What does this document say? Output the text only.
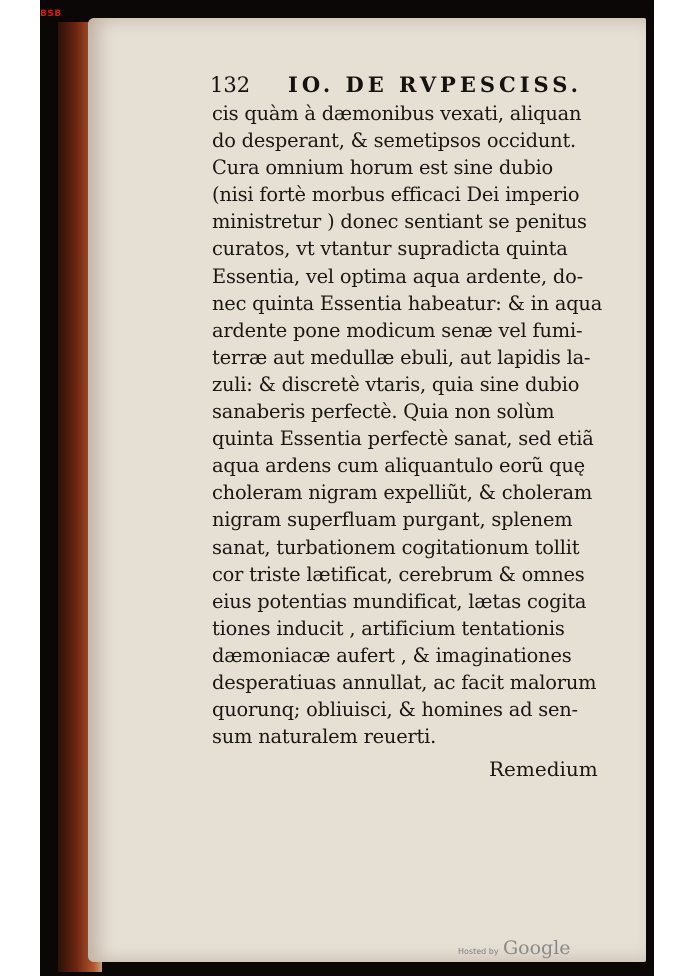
BSB
132 IO. DE RVPESCISS.
cis quàm à dæmonibus vexati, aliquan
do desperant, & semetipsos occidunt.
Cura omnium horum est sine dubio
(nisi fortè morbus efficaci Dei imperio
ministretur ) donec sentiant se penitus
curatos, vt vtantur supradicta quinta
Essentia, vel optima aqua ardente, do-
nec quinta Essentia habeatur: & in aqua
ardente pone modicum senæ vel fumi-
terræ aut medullæ ebuli, aut lapidis la-
zuli: & discretè vtaris, quia sine dubio
sanaberis perfectè. Quia non solùm
quinta Essentia perfectè sanat, sed etiã
aqua ardens cum aliquantulo eorũ quę
choleram nigram expelliũt, & choleram
nigram superfluam purgant, splenem
sanat, turbationem cogitationum tollit
cor triste lætificat, cerebrum & omnes
eius potentias mundificat, lætas cogita
tiones inducit , artificium tentationis
dæmoniacæ aufert , & imaginationes
desperatiuas annullat, ac facit malorum
quorunq; obliuisci, & homines ad sen-
sum naturalem reuerti.
Remedium
Hosted by Google
